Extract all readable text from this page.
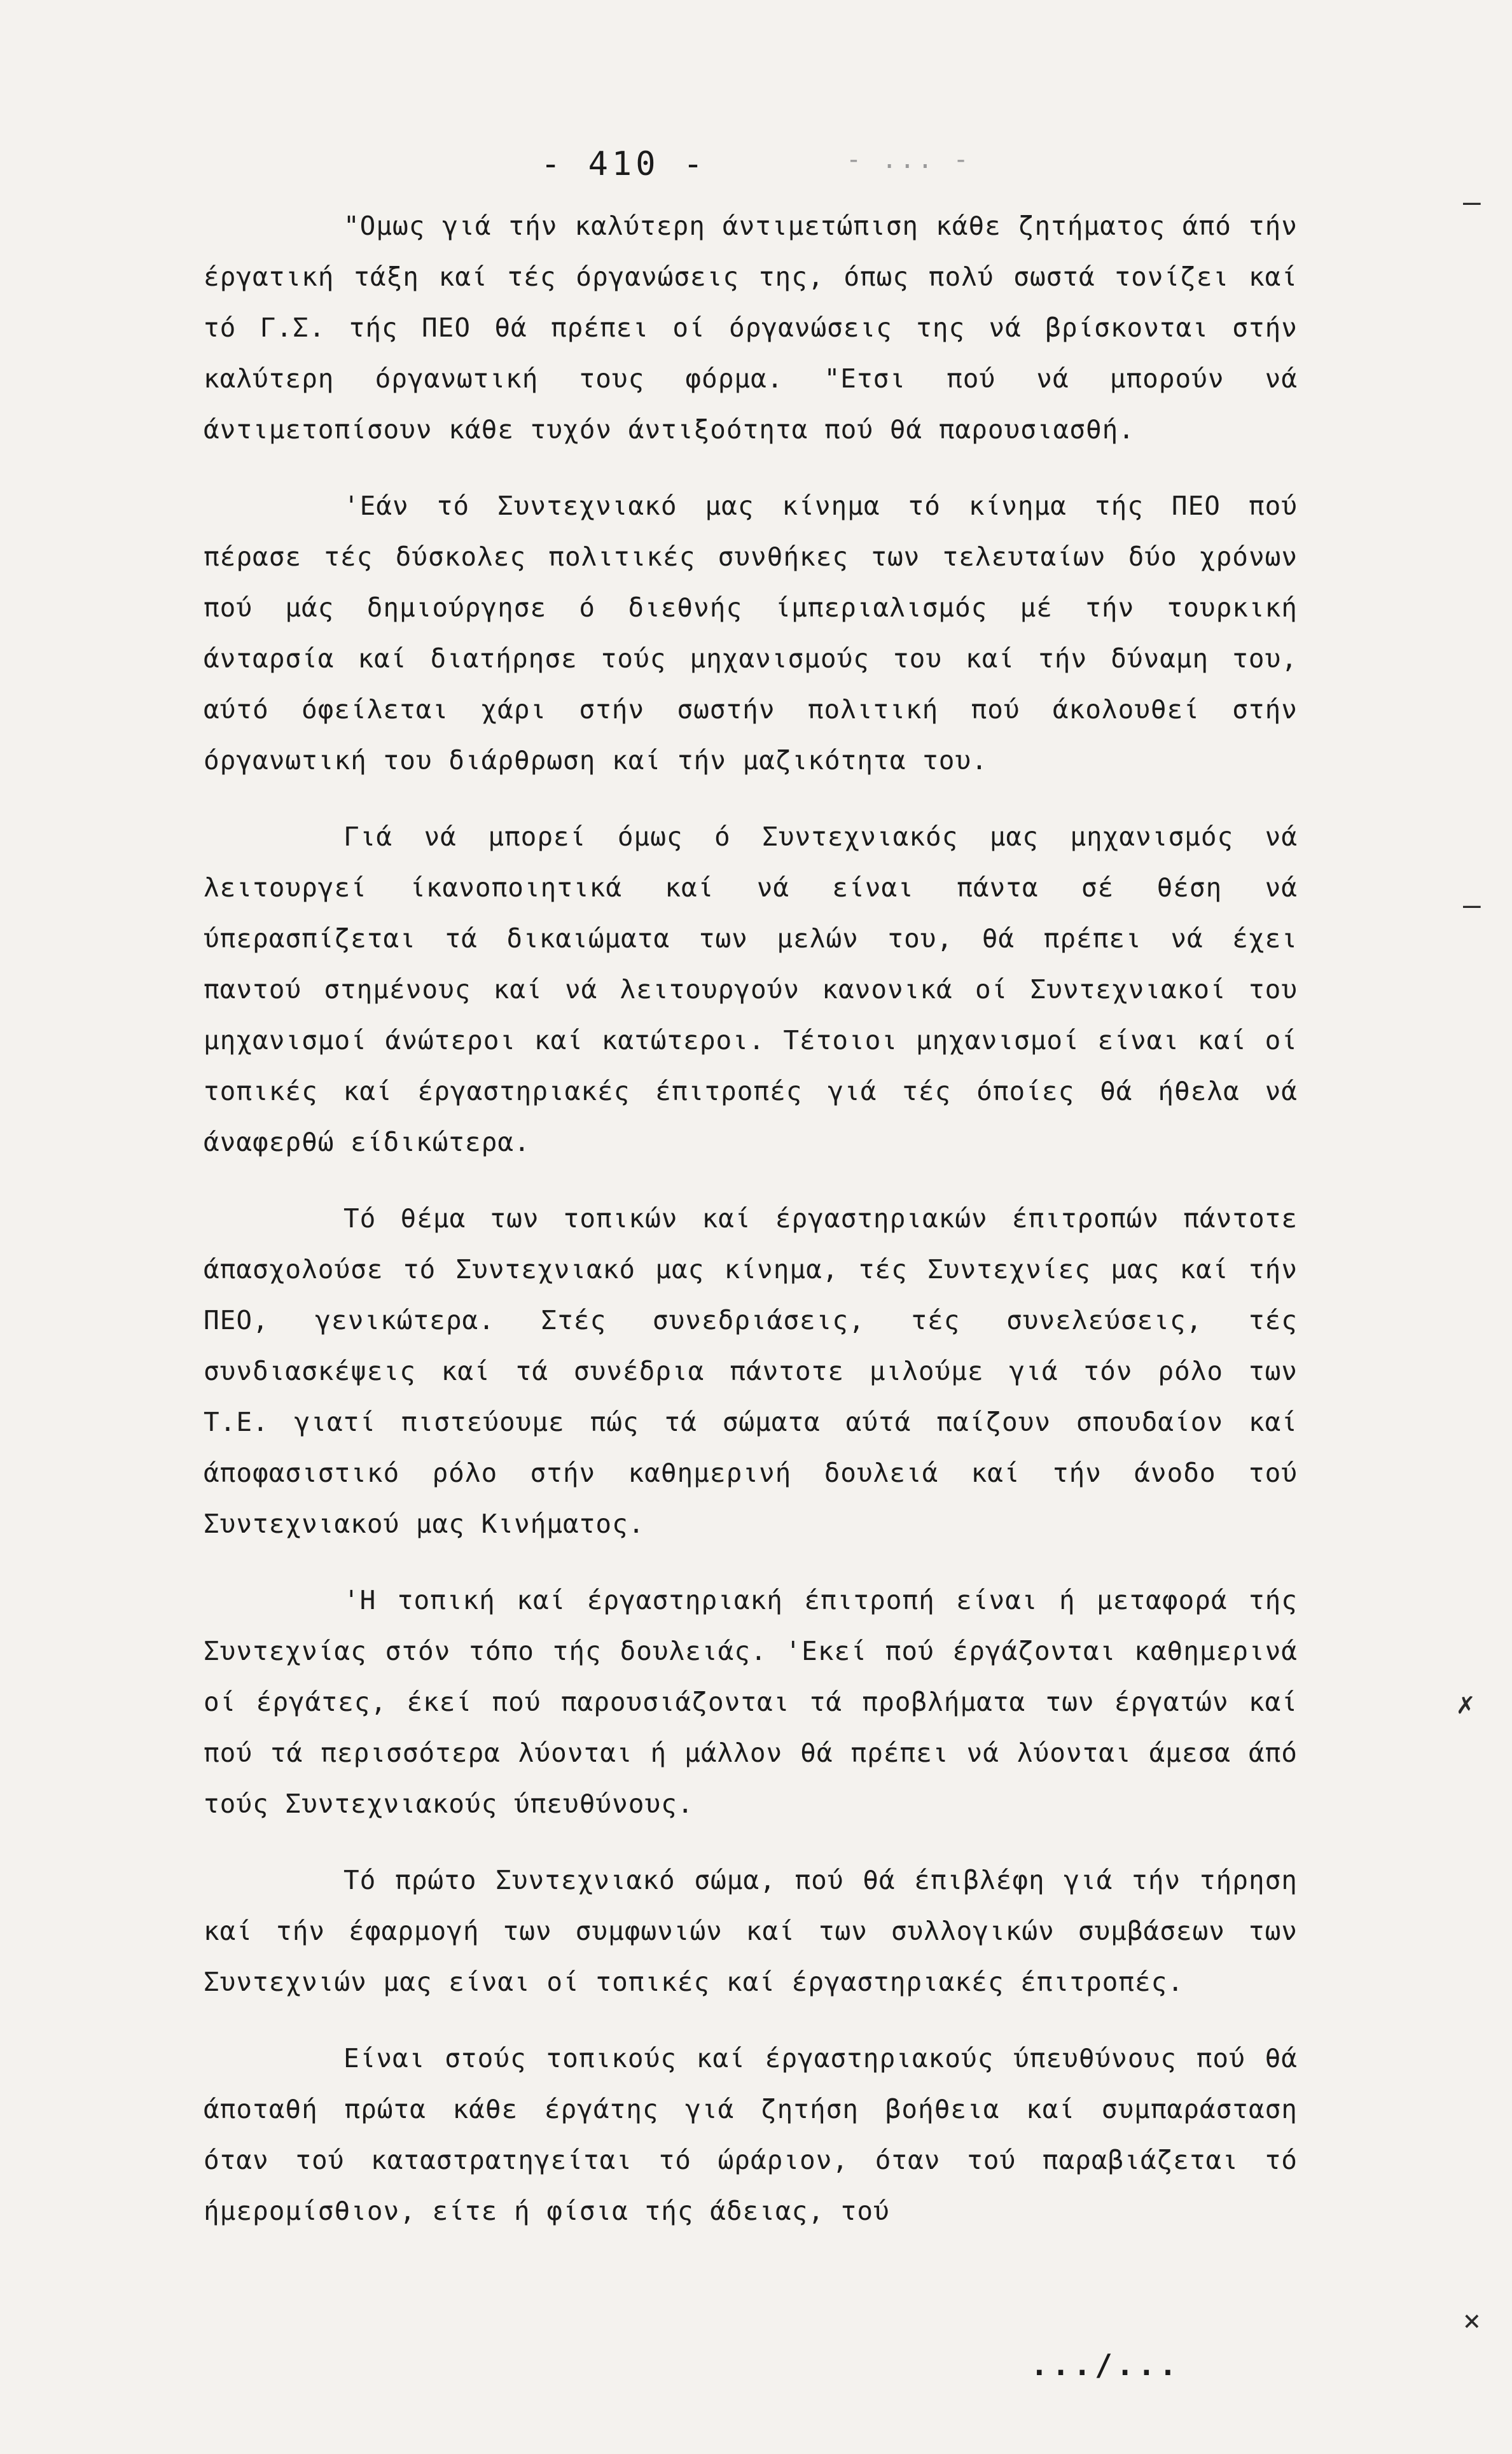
- 410 -	- ... -

"Ομως γιά τήν καλύτερη άντιμετώπιση κάθε ζητήματος άπό τήν έργατική τάξη καί τές όργανώσεις της, όπως πολύ σωστά τονίζει καί τό Γ.Σ. τής ΠΕΟ θά πρέπει οί όργανώσεις της νά βρίσκονται στήν καλύτερη όργανωτική τους φόρμα. "Ετσι πού νά μπορούν νά άντιμετοπίσουν κάθε τυχόν άντιξοότητα πού θά παρουσιασθή.

'Εάν τό Συντεχνιακό μας κίνημα τό κίνημα τής ΠΕΟ πού πέρασε τές δύσκολες πολιτικές συνθήκες των τελευταίων δύο χρόνων πού μάς δημιούργησε ό διεθνής ίμπεριαλισμός μέ τήν τουρκική άνταρσία καί διατήρησε τούς μηχανισμούς του καί τήν δύναμη του, αύτό όφείλεται χάρι στήν σωστήν πολιτική πού άκολουθεί στήν όργανωτική του διάρθρωση καί τήν μαζικότητα του.

Γιά νά μπορεί όμως ό Συντεχνιακός μας μηχανισμός νά λειτουργεί ίκανοποιητικά καί νά είναι πάντα σέ θέση νά ύπερασπίζεται τά δικαιώματα των μελών του, θά πρέπει νά έχει παντού στημένους καί νά λειτουργούν κανονικά οί Συντεχνιακοί του μηχανισμοί άνώτεροι καί κατώτεροι. Τέτοιοι μηχανισμοί είναι καί οί τοπικές καί έργαστηριακές έπιτροπές γιά τές όποίες θά ήθελα νά άναφερθώ είδικώτερα.

Τό θέμα των τοπικών καί έργαστηριακών έπιτροπών πάντοτε άπασχολούσε τό Συντεχνιακό μας κίνημα, τές Συντεχνίες μας καί τήν ΠΕΟ, γενικώτερα. Στές συνεδριάσεις, τές συνελεύσεις, τές συνδιασκέψεις καί τά συνέδρια πάντοτε μιλούμε γιά τόν ρόλο των Τ.Ε. γιατί πιστεύουμε πώς τά σώματα αύτά παίζουν σπουδαίον καί άποφασιστικό ρόλο στήν καθημερινή δουλειά καί τήν άνοδο τού Συντεχνιακού μας Κινήματος.

'Η τοπική καί έργαστηριακή έπιτροπή είναι ή μεταφορά τής Συντεχνίας στόν τόπο τής δουλειάς. 'Εκεί πού έργάζονται καθημερινά οί έργάτες, έκεί πού παρουσιάζονται τά προβλήματα των έργατών καί πού τά περισσότερα λύονται ή μάλλον θά πρέπει νά λύονται άμεσα άπό τούς Συντεχνιακούς ύπευθύνους.

Τό πρώτο Συντεχνιακό σώμα, πού θά έπιβλέφη γιά τήν τήρηση καί τήν έφαρμογή των συμφωνιών καί των συλλογικών συμβάσεων των Συντεχνιών μας είναι οί τοπικές καί έργαστηριακές έπιτροπές.

Είναι στούς τοπικούς καί έργαστηριακούς ύπευθύνους πού θά άποταθή πρώτα κάθε έργάτης γιά ζητήση βοήθεια καί συμπαράσταση όταν τού καταστρατηγείται τό ώράριον, όταν τού παραβιάζεται τό ήμερομίσθιον, είτε ή φίσια τής άδειας, τού

.../...
—
—
✗
×
